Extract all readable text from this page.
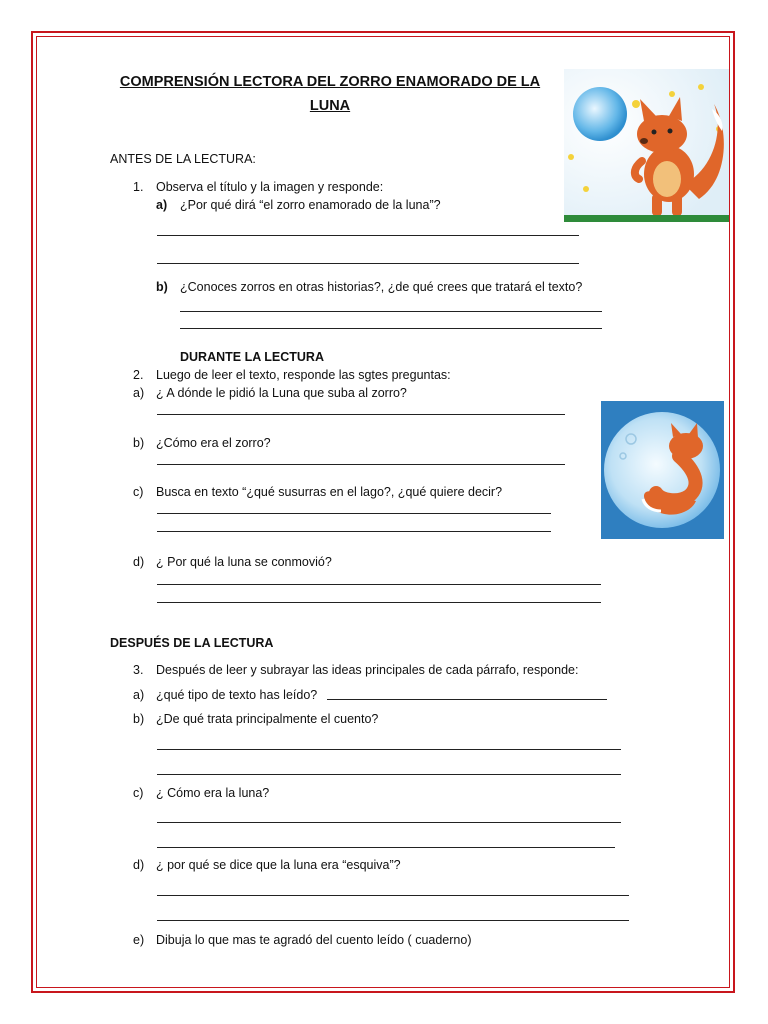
COMPRENSIÓN LECTORA DEL ZORRO ENAMORADO DE LA LUNA
ANTES DE LA LECTURA:
1. Observa el título y la imagen y responde:
a) ¿Por qué dirá “el zorro enamorado de la luna”?
b) ¿Conoces zorros en otras historias?, ¿de qué crees que tratará el texto?
DURANTE LA LECTURA
2. Luego de leer el texto, responde las sgtes preguntas:
a) ¿ A dónde le pidió la Luna que suba al zorro?
b) ¿Cómo era el zorro?
c) Busca en texto “¿qué susurras en el lago?, ¿qué quiere decir?
d) ¿ Por qué la luna se conmovió?
DESPUÉS DE LA LECTURA
3. Después de leer y subrayar las ideas principales de cada párrafo, responde:
a) ¿qué tipo de texto has leído?
b) ¿De qué trata principalmente el cuento?
c) ¿ Cómo era la luna?
d) ¿ por qué se dice que la luna era “esquiva”?
e) Dibuja lo que mas te agradó del cuento leído ( cuaderno)
